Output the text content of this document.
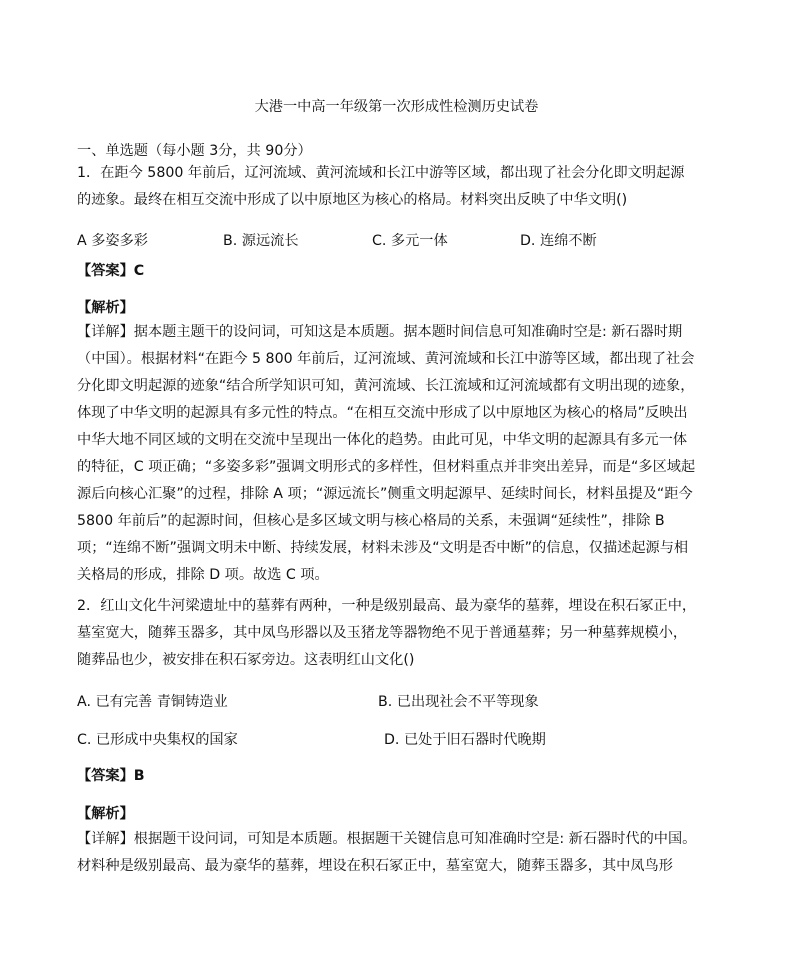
大港一中高一年级第一次形成性检测历史试卷
一、单选题（每小题 3分，共 90分）
1．在距今 5800 年前后，辽河流域、黄河流域和长江中游等区域，都出现了社会分化即文明起源的迹象。最终在相互交流中形成了以中原地区为核心的格局。材料突出反映了中华文明()
A 多姿多彩	B. 源远流长	C. 多元一体	D. 连绵不断
【答案】C
【解析】
【详解】据本题主题干的设问词，可知这是本质题。据本题时间信息可知准确时空是: 新石器时期（中国）。根据材料“在距今 5 800 年前后，辽河流域、黄河流域和长江中游等区域，都出现了社会分化即文明起源的迹象“结合所学知识可知，黄河流域、长江流域和辽河流域都有文明出现的迹象，体现了中华文明的起源具有多元性的特点。“在相互交流中形成了以中原地区为核心的格局”反映出中华大地不同区域的文明在交流中呈现出一体化的趋势。由此可见，中华文明的起源具有多元一体的特征，C 项正确；“多姿多彩”强调文明形式的多样性，但材料重点并非突出差异，而是“多区域起源后向核心汇聚”的过程，排除 A 项；“源远流长”侧重文明起源早、延续时间长，材料虽提及“距今 5800 年前后”的起源时间，但核心是多区域文明与核心格局的关系，未强调“延续性”，排除 B 项；“连绵不断”强调文明未中断、持续发展，材料未涉及“文明是否中断”的信息，仅描述起源与相关格局的形成，排除 D 项。故选 C 项。
2．红山文化牛河梁遗址中的墓葬有两种，一种是级别最高、最为豪华的墓葬，埋设在积石冢正中，墓室宽大，随葬玉器多，其中凤鸟形器以及玉猪龙等器物绝不见于普通墓葬；另一种墓葬规模小，随葬品也少，被安排在积石冢旁边。这表明红山文化()
A. 已有完善 青铜铸造业	B. 已出现社会不平等现象
C. 已形成中央集权的国家	D. 已处于旧石器时代晚期
【答案】B
【解析】
【详解】根据题干设问词，可知是本质题。根据题干关键信息可知准确时空是: 新石器时代的中国。材料种是级别最高、最为豪华的墓葬，埋设在积石冢正中，墓室宽大，随葬玉器多，其中凤鸟形
